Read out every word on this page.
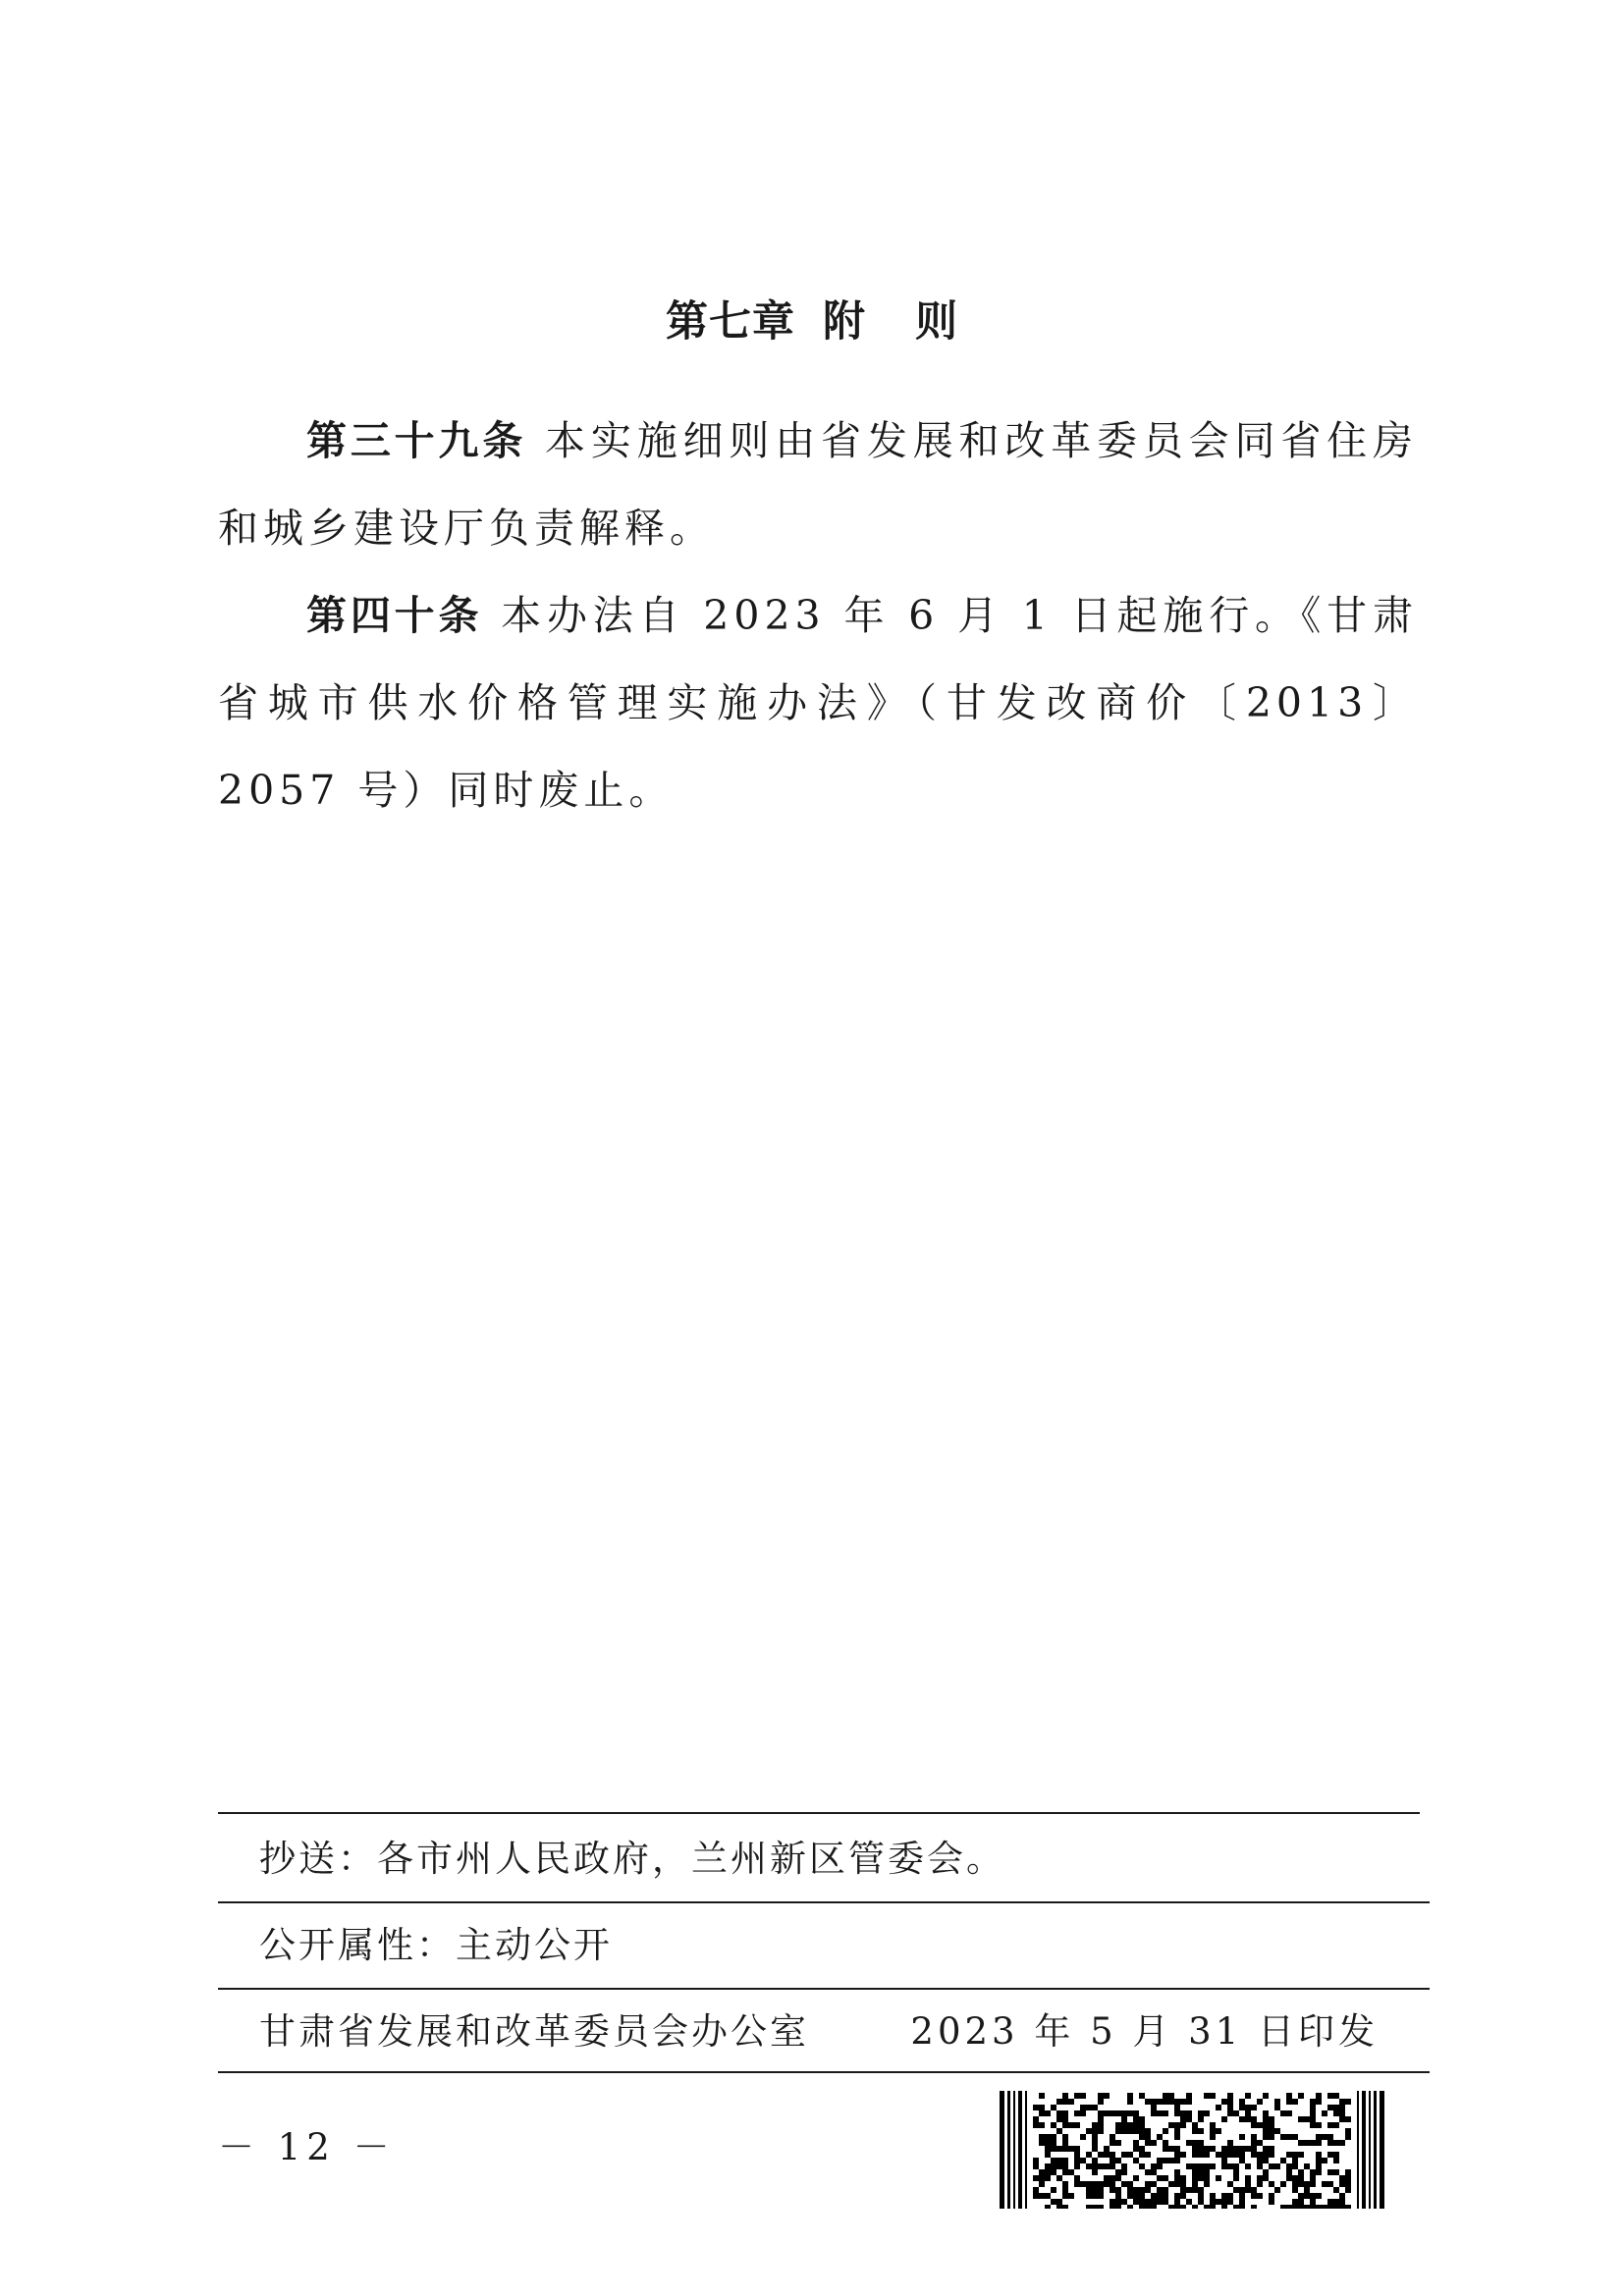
第七章 附 则

第三十九条 本实施细则由省发展和改革委员会同省住房和城乡建设厅负责解释。

第四十条 本办法自 2023 年 6 月 1 日起施行。《甘肃省城市供水价格管理实施办法》（甘发改商价〔2013〕2057 号）同时废止。

抄送：各市州人民政府，兰州新区管委会。
公开属性：主动公开
甘肃省发展和改革委员会办公室	2023 年 5 月 31 日印发
－ 12 －
